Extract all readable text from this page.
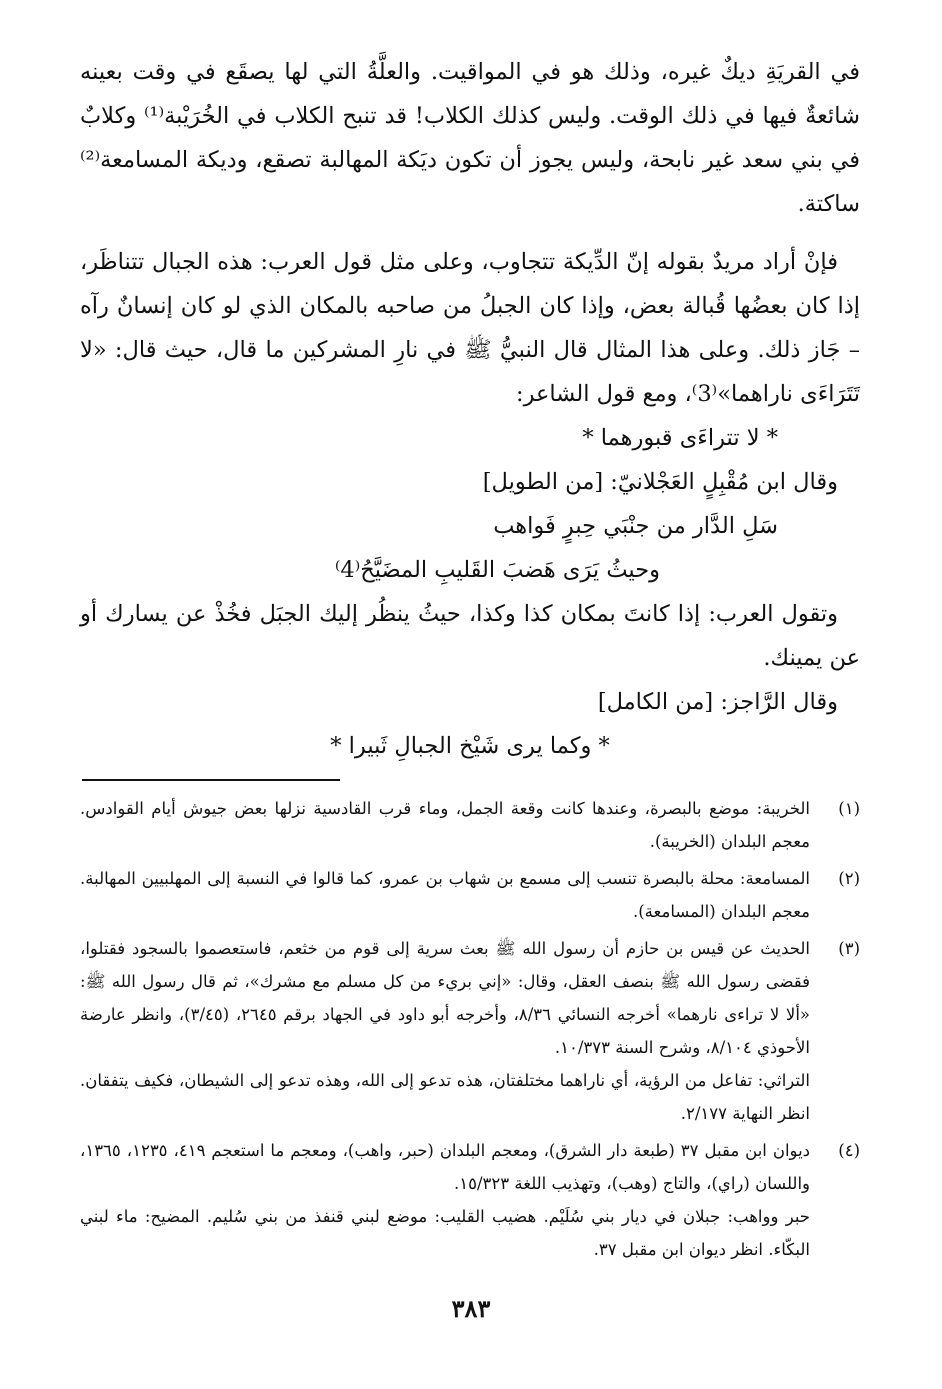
في القريَةِ ديكٌ غيره، وذلك هو في المواقيت. والعلَّةُ التي لها يصقَع في وقت بعينه شائعةٌ فيها في ذلك الوقت. وليس كذلك الكلاب! قد تنبح الكلاب في الخُرَيْبة⁽¹⁾ وكلابٌ في بني سعد غير نابحة، وليس يجوز أن تكون ديَكة المهالبة تصقع، وديكة المسامعة⁽²⁾ ساكتة.

فإنْ أراد مريدٌ بقوله إنّ الدِّيكة تتجاوب، وعلى مثل قول العرب: هذه الجبال تتناظَر، إذا كان بعضُها قُبالة بعض، وإذا كان الجبلُ من صاحبه بالمكان الذي لو كان إنسانٌ رآه – جَاز ذلك. وعلى هذا المثال قال النبيُّ ﷺ في نارِ المشركين ما قال، حيث قال: «لا تَتَرَاءَى ناراهما»⁽3⁾، ومع قول الشاعر:

* لا تتراءَى قبورهما *

وقال ابن مُقْبِلٍ العَجْلانيّ: [من الطويل]

سَلِ الدَّار من جنْبَي حِبرٍ فَواهب

وحيثُ يَرَى هَضبَ القَليبِ المضَيَّحُ⁽4⁾

وتقول العرب: إذا كانتَ بمكان كذا وكذا، حيثُ ينظُر إليك الجبَل فخُذْ عن يسارك أو عن يمينك.

وقال الرَّاجز: [من الكامل]

* وكما يرى شَيْخ الجبالِ ثَبيرا *

(١)

الخريبة: موضع بالبصرة، وعندها كانت وقعة الجمل، وماء قرب القادسية نزلها بعض جيوش أيام القوادس. معجم البلدان (الخريبة).

(٢)

المسامعة: محلة بالبصرة تنسب إلى مسمع بن شهاب بن عمرو، كما قالوا في النسبة إلى المهلبيين المهالبة. معجم البلدان (المسامعة).

(٣)

الحديث عن قيس بن حازم أن رسول الله ﷺ بعث سرية إلى قوم من خثعم، فاستعصموا بالسجود فقتلوا، فقضى رسول الله ﷺ بنصف العقل، وقال: «إني بريء من كل مسلم مع مشرك»، ثم قال رسول الله ﷺ: «ألا لا تراءى نارهما» أخرجه النسائي ٨/٣٦، وأخرجه أبو داود في الجهاد برقم ٢٦٤٥، (٣/٤٥)، وانظر عارضة الأحوذي ٨/١٠٤، وشرح السنة ١٠/٣٧٣.

التراثي: تفاعل من الرؤية، أي ناراهما مختلفتان، هذه تدعو إلى الله، وهذه تدعو إلى الشيطان، فكيف يتفقان. انظر النهاية ٢/١٧٧.

(٤)

ديوان ابن مقبل ٣٧ (طبعة دار الشرق)، ومعجم البلدان (حبر، واهب)، ومعجم ما استعجم ٤١٩، ١٢٣٥، ١٣٦٥، واللسان (راي)، والتاج (وهب)، وتهذيب اللغة ١٥/٣٢٣.

حبر وواهب: جبلان في ديار بني سُلَيْم. هضيب القليب: موضع لبني قنفذ من بني سُليم. المضيح: ماء لبني البكّاء. انظر ديوان ابن مقبل ٣٧.

٣٨٣
